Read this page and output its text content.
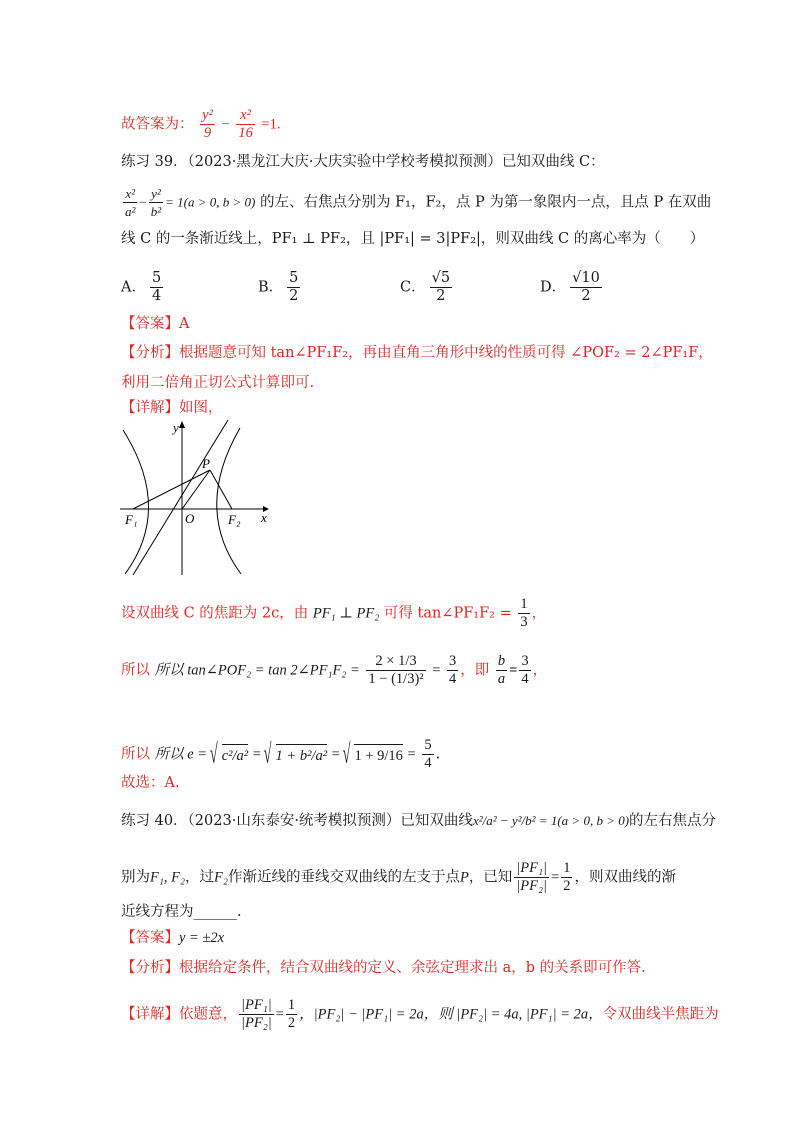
故答案为： $\frac{\text{y²}}{9} - \frac{\text{x²}}{16} =1$.
练习 39．（2023·黑龙江大庆·大庆实验中学校考模拟预测）已知双曲线 C：
$\frac{\text{x²}}{\text{a²}} - \frac{\text{y²}}{\text{b²}} = 1(a > 0$, b > 0) 的左、右焦点分别为 F₁，F₂，点 P 为第一象限内一点，且点 P 在双曲
线 C 的一条渐近线上，PF₁ ⊥ PF₂，且 |PF₁| = 3|PF₂|，则双曲线 C 的离心率为（　　）
A． $\frac{5}{4}$	B． $\frac{5}{2}$	C． $\frac{√5}{2}$	D． $\frac{√10}{2}$
【答案】A
【分析】根据题意可知 tan∠PF₁F₂，再由直角三角形中线的性质可得 ∠POF₂ = 2∠PF₁F，
利用二倍角正切公式计算即可.
【详解】如图，
y
x
P
O
F₁	F₂
设双曲线 C 的焦距为 2c，由 PF₁ ⊥ PF₂ 可得 tan∠PF₁F₂ = $\frac{1}{3}$ ，
所以 所以 tan∠POF₂ = tan 2∠PF₁F₂ = $\frac{2 \times 1/3}{\text{1 − (1/3)²}} = \frac{3}{4}$ ，即 $\frac{b}{a} = \frac{3}{4}$ ，
所以 所以 e = √ c²/a² = √ 1 + b²/a² = √ $1 + 9/16 = \frac{5}{4}$ .
故选：A.
练习 40．（2023·山东泰安·统考模拟预测）已知双曲线x²/a² − y²/b² = 1(a > 0, b > 0)的左右焦点分
别为F₁, F₂，过F₂作渐近线的垂线交双曲线的左支于点P，已知 $\frac{\text{|PF₁|}}{\text{|PF₂|}} = \frac{1}{2}$ ，则双曲线的渐
近线方程为______.
【答案】y = ±2x
【分析】根据给定条件，结合双曲线的定义、余弦定理求出 a，b 的关系即可作答.
【详解】依题意， $\frac{\text{|PF₁|}}{\text{|PF₂|}} = \frac{1}{2}$ ，|PF₂| − |PF₁| = 2a，则 |PF₂| = 4a, |PF₁| = 2a，令双曲线半焦距为
